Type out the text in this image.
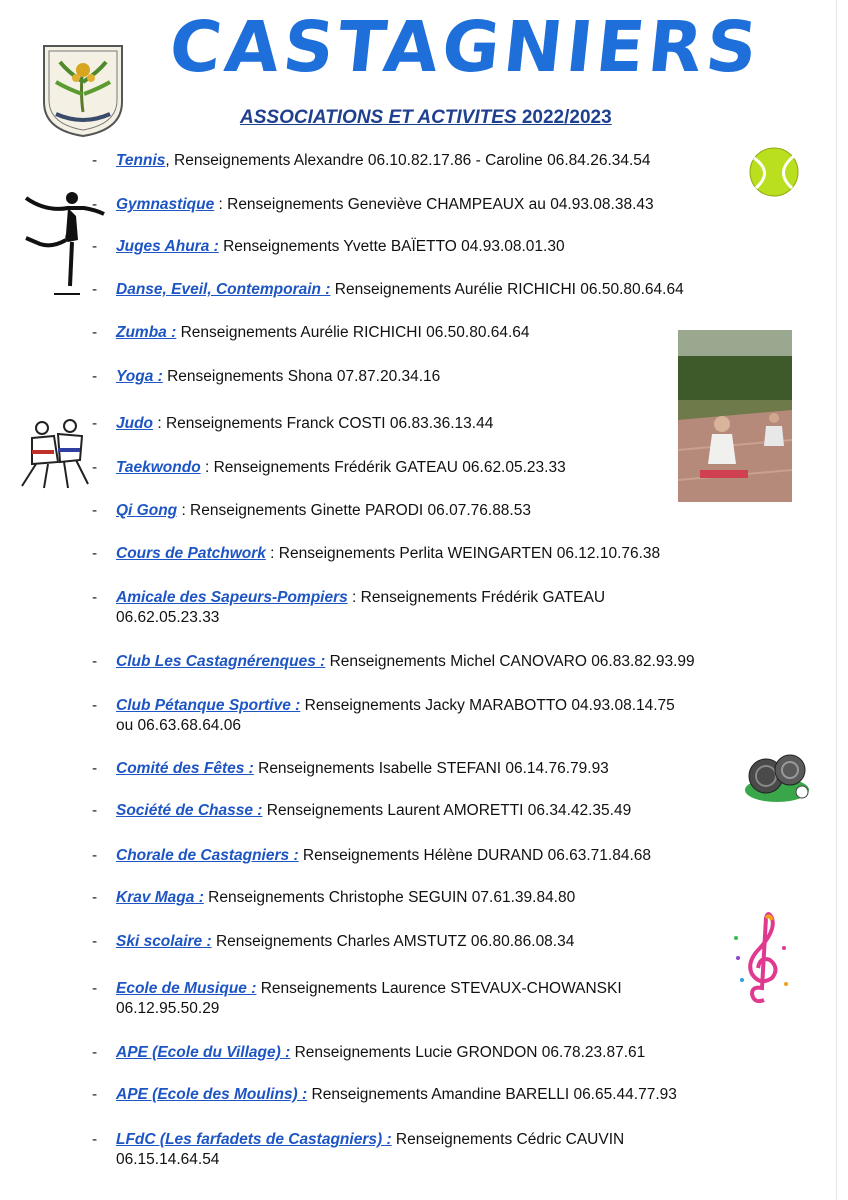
CASTAGNIERS
ASSOCIATIONS ET ACTIVITES 2022/2023
-	Tennis, Renseignements Alexandre 06.10.82.17.86 - Caroline 06.84.26.34.54
-	Gymnastique : Renseignements Geneviève CHAMPEAUX au 04.93.08.38.43
-	Juges Ahura : Renseignements Yvette BAÏETTO 04.93.08.01.30
-	Danse, Eveil, Contemporain : Renseignements Aurélie RICHICHI 06.50.80.64.64
-	Zumba : Renseignements Aurélie RICHICHI 06.50.80.64.64
-	Yoga : Renseignements Shona 07.87.20.34.16
-	Judo : Renseignements Franck COSTI 06.83.36.13.44
-	Taekwondo : Renseignements Frédérik GATEAU 06.62.05.23.33
-	Qi Gong : Renseignements Ginette PARODI 06.07.76.88.53
-	Cours de Patchwork : Renseignements Perlita WEINGARTEN 06.12.10.76.38
-	Amicale des Sapeurs-Pompiers : Renseignements Frédérik GATEAU
06.62.05.23.33
-	Club Les Castagnérenques : Renseignements Michel CANOVARO 06.83.82.93.99
-	Club Pétanque Sportive : Renseignements Jacky MARABOTTO 04.93.08.14.75
ou 06.63.68.64.06
-	Comité des Fêtes : Renseignements Isabelle STEFANI 06.14.76.79.93
-	Société de Chasse : Renseignements Laurent AMORETTI 06.34.42.35.49
-	Chorale de Castagniers : Renseignements Hélène DURAND 06.63.71.84.68
-	Krav Maga : Renseignements Christophe SEGUIN 07.61.39.84.80
-	Ski scolaire : Renseignements Charles AMSTUTZ 06.80.86.08.34
-	Ecole de Musique : Renseignements Laurence STEVAUX-CHOWANSKI
06.12.95.50.29
-	APE (Ecole du Village) : Renseignements Lucie GRONDON 06.78.23.87.61
-	APE (Ecole des Moulins) : Renseignements Amandine BARELLI 06.65.44.77.93
-	LFdC (Les farfadets de Castagniers) : Renseignements Cédric CAUVIN
06.15.14.64.54
